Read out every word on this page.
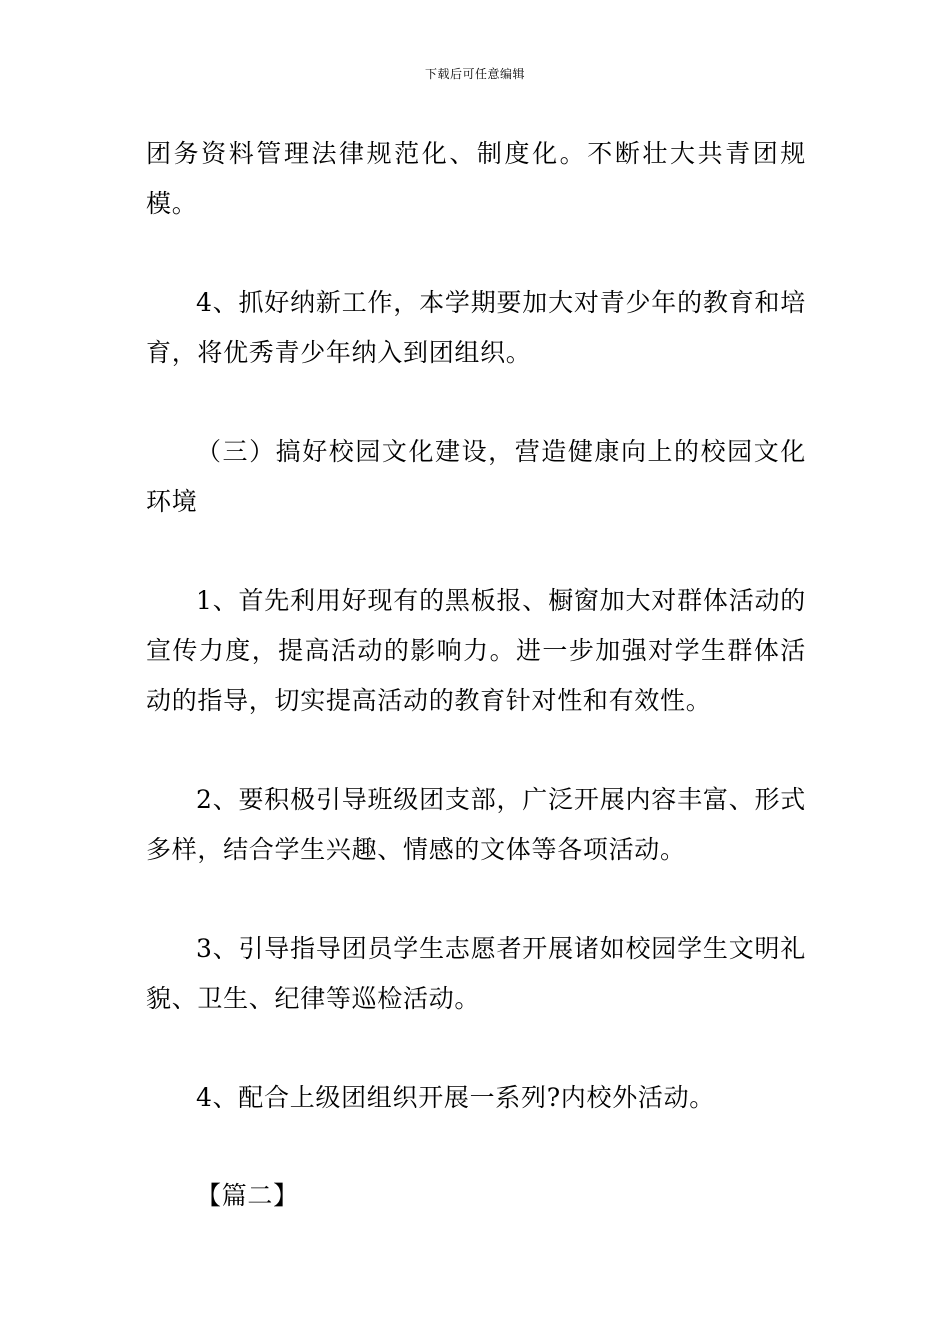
下载后可任意编辑

团务资料管理法律规范化、制度化。不断壮大共青团规模。

4、抓好纳新工作，本学期要加大对青少年的教育和培育，将优秀青少年纳入到团组织。

（三）搞好校园文化建设，营造健康向上的校园文化环境

1、首先利用好现有的黑板报、橱窗加大对群体活动的宣传力度，提高活动的影响力。进一步加强对学生群体活动的指导，切实提高活动的教育针对性和有效性。

2、要积极引导班级团支部，广泛开展内容丰富、形式多样，结合学生兴趣、情感的文体等各项活动。

3、引导指导团员学生志愿者开展诸如校园学生文明礼貌、卫生、纪律等巡检活动。

4、配合上级团组织开展一系列?内校外活动。

【篇二】
